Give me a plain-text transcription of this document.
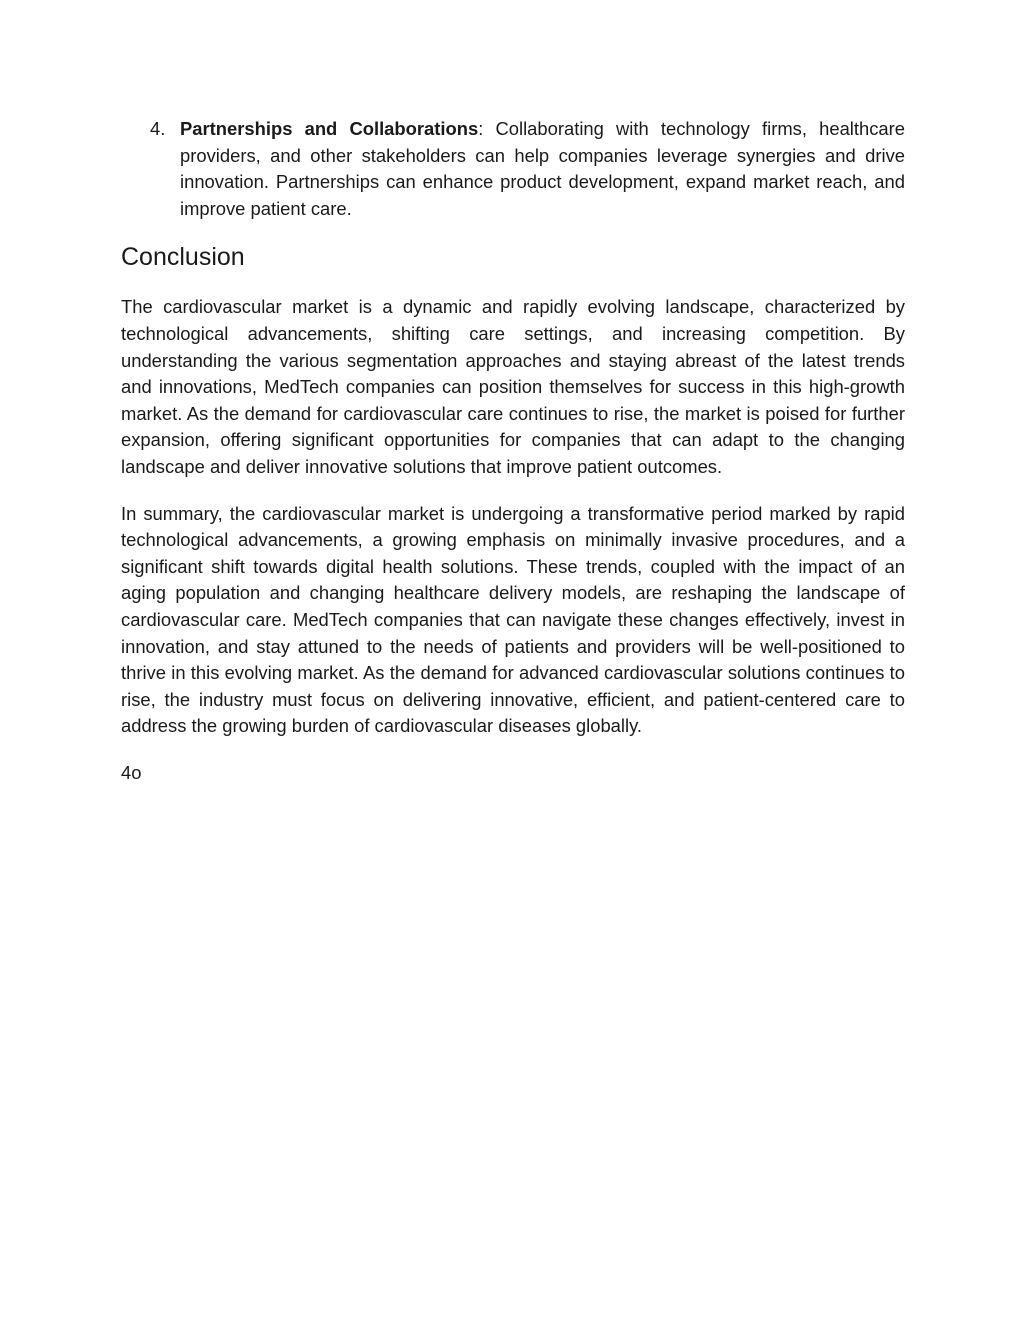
4. Partnerships and Collaborations: Collaborating with technology firms, healthcare providers, and other stakeholders can help companies leverage synergies and drive innovation. Partnerships can enhance product development, expand market reach, and improve patient care.
Conclusion

The cardiovascular market is a dynamic and rapidly evolving landscape, characterized by technological advancements, shifting care settings, and increasing competition. By understanding the various segmentation approaches and staying abreast of the latest trends and innovations, MedTech companies can position themselves for success in this high-growth market. As the demand for cardiovascular care continues to rise, the market is poised for further expansion, offering significant opportunities for companies that can adapt to the changing landscape and deliver innovative solutions that improve patient outcomes.

In summary, the cardiovascular market is undergoing a transformative period marked by rapid technological advancements, a growing emphasis on minimally invasive procedures, and a significant shift towards digital health solutions. These trends, coupled with the impact of an aging population and changing healthcare delivery models, are reshaping the landscape of cardiovascular care. MedTech companies that can navigate these changes effectively, invest in innovation, and stay attuned to the needs of patients and providers will be well-positioned to thrive in this evolving market. As the demand for advanced cardiovascular solutions continues to rise, the industry must focus on delivering innovative, efficient, and patient-centered care to address the growing burden of cardiovascular diseases globally.

4o
